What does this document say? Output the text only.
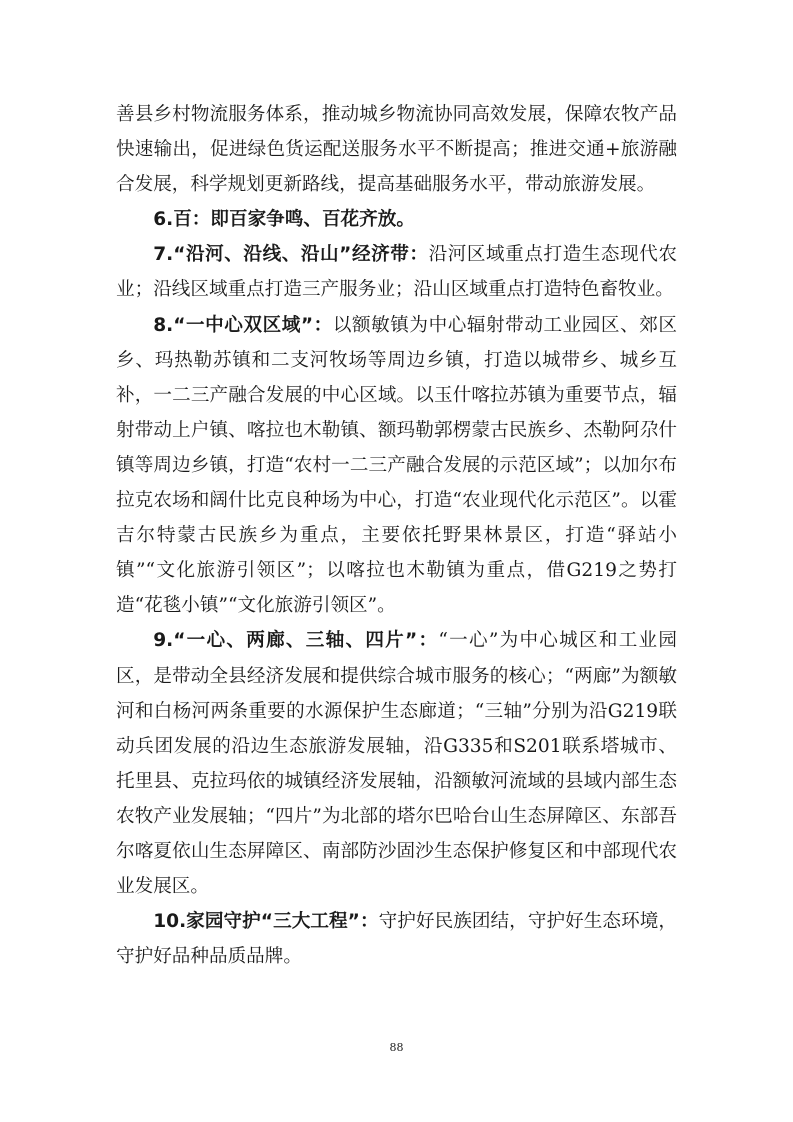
善县乡村物流服务体系，推动城乡物流协同高效发展，保障农牧产品快速输出，促进绿色货运配送服务水平不断提高；推进交通+旅游融合发展，科学规划更新路线，提高基础服务水平，带动旅游发展。

6.百：即百家争鸣、百花齐放。

7.“沿河、沿线、沿山”经济带：沿河区域重点打造生态现代农业；沿线区域重点打造三产服务业；沿山区域重点打造特色畜牧业。

8.“一中心双区域”：以额敏镇为中心辐射带动工业园区、郊区乡、玛热勒苏镇和二支河牧场等周边乡镇，打造以城带乡、城乡互补，一二三产融合发展的中心区域。以玉什喀拉苏镇为重要节点，辐射带动上户镇、喀拉也木勒镇、额玛勒郭楞蒙古民族乡、杰勒阿尕什镇等周边乡镇，打造“农村一二三产融合发展的示范区域”；以加尔布拉克农场和阔什比克良种场为中心，打造“农业现代化示范区”。以霍吉尔特蒙古民族乡为重点，主要依托野果林景区，打造“驿站小镇”“文化旅游引领区”；以喀拉也木勒镇为重点，借G219之势打造“花毯小镇”“文化旅游引领区”。

9.“一心、两廊、三轴、四片”：“一心”为中心城区和工业园区，是带动全县经济发展和提供综合城市服务的核心；“两廊”为额敏河和白杨河两条重要的水源保护生态廊道；“三轴”分别为沿G219联动兵团发展的沿边生态旅游发展轴，沿G335和S201联系塔城市、托里县、克拉玛依的城镇经济发展轴，沿额敏河流域的县域内部生态农牧产业发展轴；“四片”为北部的塔尔巴哈台山生态屏障区、东部吾尔喀夏依山生态屏障区、南部防沙固沙生态保护修复区和中部现代农业发展区。

10.家园守护“三大工程”：守护好民族团结，守护好生态环境，守护好品种品质品牌。

88
